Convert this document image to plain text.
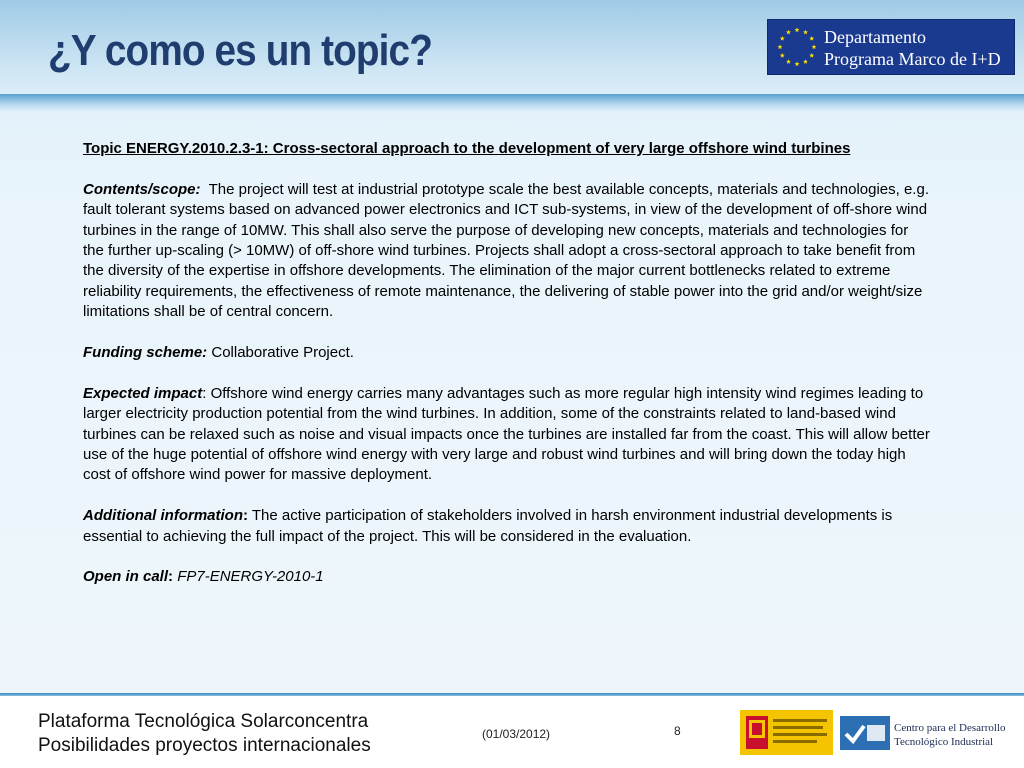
¿Y como es un topic?	Departamento
Programa Marco de I+D

Topic ENERGY.2010.2.3-1: Cross-sectoral approach to the development of very large offshore wind turbines

Contents/scope: The project will test at industrial prototype scale the best available concepts, materials and technologies, e.g. fault tolerant systems based on advanced power electronics and ICT sub-systems, in view of the development of off-shore wind turbines in the range of 10MW. This shall also serve the purpose of developing new concepts, materials and technologies for the further up-scaling (> 10MW) of off-shore wind turbines. Projects shall adopt a cross-sectoral approach to take benefit from the diversity of the expertise in offshore developments. The elimination of the major current bottlenecks related to extreme reliability requirements, the effectiveness of remote maintenance, the delivering of stable power into the grid and/or weight/size limitations shall be of central concern.

Funding scheme: Collaborative Project.

Expected impact: Offshore wind energy carries many advantages such as more regular high intensity wind regimes leading to larger electricity production potential from the wind turbines. In addition, some of the constraints related to land-based wind turbines can be relaxed such as noise and visual impacts once the turbines are installed far from the coast. This will allow better use of the huge potential of offshore wind energy with very large and robust wind turbines and will bring down the today high cost of offshore wind power for massive deployment.

Additional information: The active participation of stakeholders involved in harsh environment industrial developments is essential to achieving the full impact of the project. This will be considered in the evaluation.

Open in call: FP7-ENERGY-2010-1

Plataforma Tecnológica Solarconcentra
Posibilidades proyectos internacionales
(01/03/2012)	8	Centro para el Desarrollo
Tecnológico Industrial
